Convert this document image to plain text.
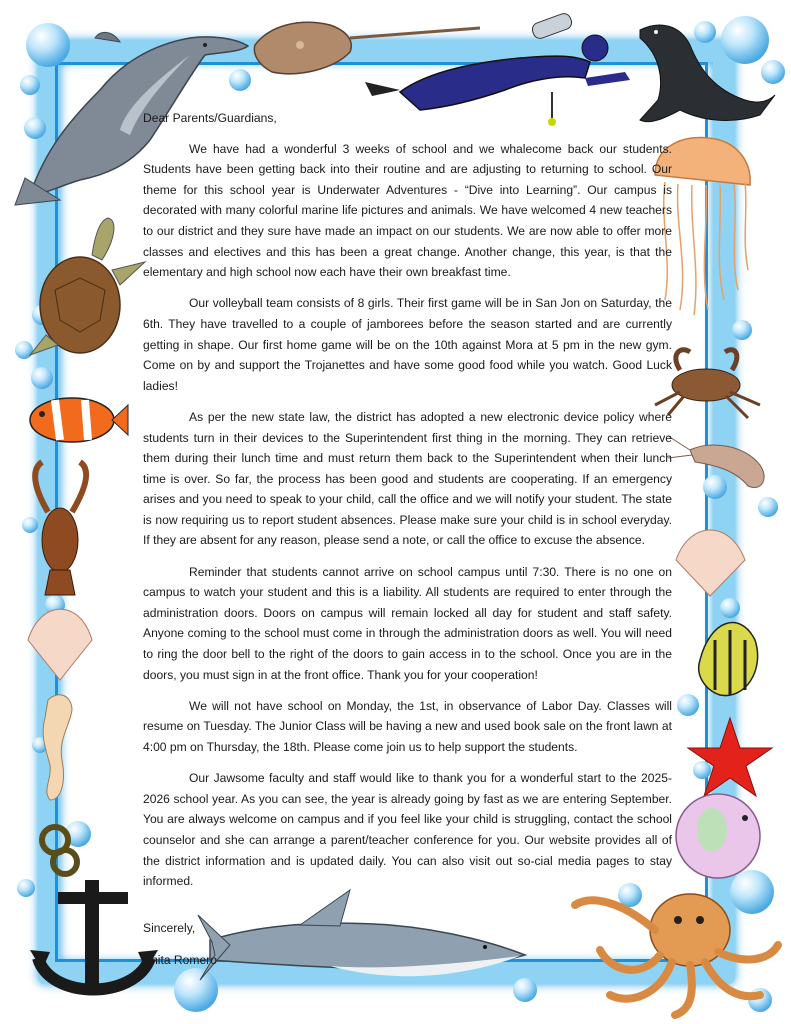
Dear Parents/Guardians,

We have had a wonderful 3 weeks of school and we whalecome back our students. Students have been getting back into their routine and are adjusting to returning to school. Our theme for this school year is Underwater Adventures - “Dive into Learning”. Our campus is decorated with many colorful marine life pictures and animals. We have welcomed 4 new teachers to our district and they sure have made an impact on our students. We are now able to offer more classes and electives and this has been a great change. Another change, this year, is that the elementary and high school now each have their own breakfast time.

Our volleyball team consists of 8 girls. Their first game will be in San Jon on Saturday, the 6th. They have travelled to a couple of jamborees before the season started and are currently getting in shape. Our first home game will be on the 10th against Mora at 5 pm in the new gym. Come on by and support the Trojanettes and have some good food while you watch. Good Luck ladies!

As per the new state law, the district has adopted a new electronic device policy where students turn in their devices to the Superintendent first thing in the morning. They can retrieve them during their lunch time and must return them back to the Superintendent when their lunch time is over. So far, the process has been good and students are cooperating. If an emergency arises and you need to speak to your child, call the office and we will notify your student. The state is now requiring us to report student absences. Please make sure your child is in school everyday. If they are absent for any reason, please send a note, or call the office to excuse the absence.

Reminder that students cannot arrive on school campus until 7:30. There is no one on campus to watch your student and this is a liability. All students are required to enter through the administration doors. Doors on campus will remain locked all day for student and staff safety. Anyone coming to the school must come in through the administration doors as well. You will need to ring the door bell to the right of the doors to gain access in to the school. Once you are in the doors, you must sign in at the front office. Thank you for your cooperation!

We will not have school on Monday, the 1st, in observance of Labor Day. Classes will resume on Tuesday. The Junior Class will be having a new and used book sale on the front lawn at 4:00 pm on Thursday, the 18th. Please come join us to help support the students.

Our Jawsome faculty and staff would like to thank you for a wonderful start to the 2025-2026 school year. As you can see, the year is already going by fast as we are entering September. You are always welcome on campus and if you feel like your child is struggling, contact the school counselor and she can arrange a parent/teacher conference for you. Our website provides all of the district information and is updated daily. You can also visit out so-cial media pages to stay informed.

Sincerely,

Anita Romero
